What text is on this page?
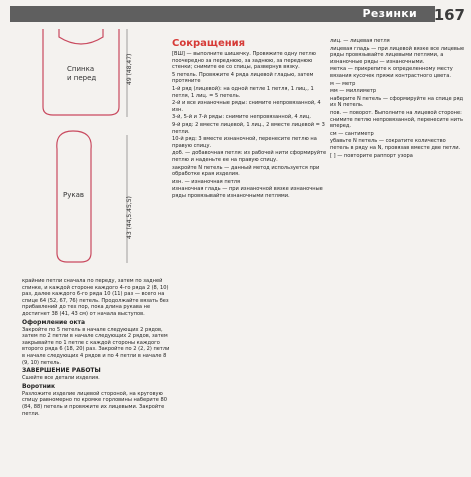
Резинки 167
Спинка
и перед	49 (48,47)
Рукав
43 (44,5.45,5)

крайние петли сначала по переду, затем по задней спинке, и каждой стороне каждого 4-го ряда 2 (8, 10) раз, далее каждого 6-го ряда 10 (11) раз — всего на спице 64 (52, 67, 76) петель. Продолжайте вязать без прибавлений до тех пор, пока длина рукава не достигнет 38 (41, 43 см) от начала выступов.

Оформление окта

Закройте по 5 петель в начале следующих 2 рядов, затем по 2 петли в начале следующих 2 рядов, затем закрывайте по 1 петле с каждой стороны каждого второго ряда 6 (18, 20) раз. Закройте по 2 (2, 2) петли в начале следующих 4 рядов и по 4 петли в начале 8 (9, 10) петель.

ЗАВЕРШЕНИЕ РАБОТЫ

Сшейте все детали изделия.

Воротник

Разложите изделие лицевой стороной, на круговую спицу равномерно по кромке горловины наберите 80 (84, 88) петель и провяжите их лицевыми. Закройте петли.

Сокращения

[ВШ] — выполните шишечку. Провяжите одну петлю поочередно за переднюю, за заднюю, за переднюю стенки; снимите ее со спицы, развернув вязку.

5 петель. Провяжите 4 ряда лицевой гладью, затем протяните

1-й ряд (лицевой): на одной петле 1 петля, 1 лиц., 1 петля, 1 лиц. = 5 петель.

2-й и все изнаночные ряды: снимите непровязанной, 4 изн.

3-й, 5-й и 7-й ряды: снимите непровязанной, 4 лиц.

9-й ряд: 2 вместе лицевой, 1 лиц., 2 вместе лицевой = 3 петли.

10-й ряд: 3 вместе изнаночной, перенесите петлю на правую спицу.

доб. — добавочная петля: из рабочей нити сформируйте петлю и наденьте ее на правую спицу.

закройте N петель — данный метод используется при обработке края изделия.

изн. — изнаночная петля

изнаночная гладь — при изнаночной вязке изнаночные ряды провязывайте изнаночными петлями.

лиц. — лицевая петля

лицевая гладь — при лицевой вязке все лицевые ряды провязывайте лицевыми петлями, а изнаночные ряды — изнаночными.

метка — прикрепите к определенному месту вязания кусочек пряжи контрастного цвета.

м — метр

мм — миллиметр

наберите N петель — сформируйте на спице ряд из N петель.

пов. — поворот. Выполните на лицевой стороне: снимите петлю непровязанной, перенесите нить вперед.

см — сантиметр

убавьте N петель — сократите количество петель в ряду на N, провязав вместе две петли.

[ ] — повторите раппорт узора
